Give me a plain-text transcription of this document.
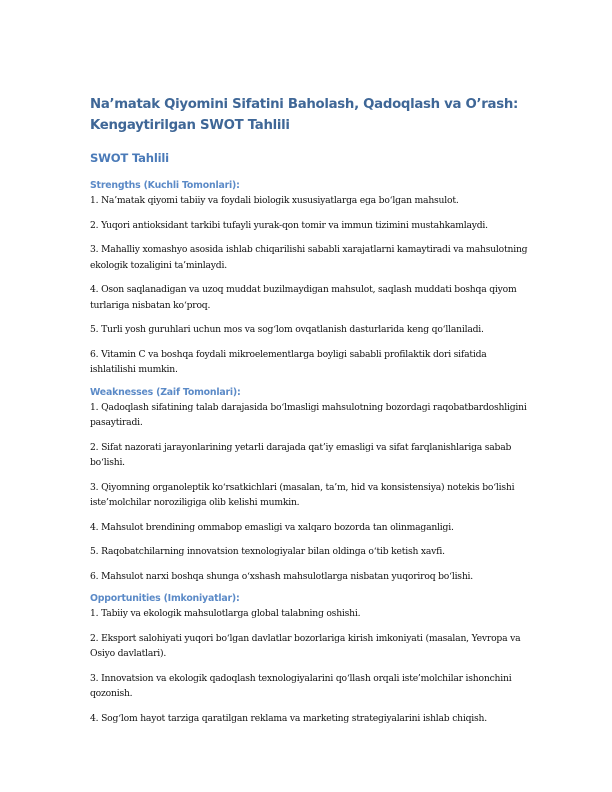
Na’matak Qiyomini Sifatini Baholash, Qadoqlash va O’rash: Kengaytirilgan SWOT Tahlili
SWOT Tahlili
Strengths (Kuchli Tomonlari):

1. Na’matak qiyomi tabiiy va foydali biologik xususiyatlarga ega bo‘lgan mahsulot.

2. Yuqori antioksidant tarkibi tufayli yurak-qon tomir va immun tizimini mustahkamlaydi.

3. Mahalliy xomashyo asosida ishlab chiqarilishi sababli xarajatlarni kamaytiradi va mahsulotning ekologik tozaligini ta’minlaydi.

4. Oson saqlanadigan va uzoq muddat buzilmaydigan mahsulot, saqlash muddati boshqa qiyom turlariga nisbatan ko‘proq.

5. Turli yosh guruhlari uchun mos va sog‘lom ovqatlanish dasturlarida keng qo‘llaniladi.

6. Vitamin C va boshqa foydali mikroelementlarga boyligi sababli profilaktik dori sifatida ishlatilishi mumkin.

Weaknesses (Zaif Tomonlari):

1. Qadoqlash sifatining talab darajasida bo‘lmasligi mahsulotning bozordagi raqobatbardoshligini pasaytiradi.

2. Sifat nazorati jarayonlarining yetarli darajada qat’iy emasligi va sifat farqlanishlariga sabab bo‘lishi.

3. Qiyomning organoleptik ko‘rsatkichlari (masalan, ta’m, hid va konsistensiya) notekis bo‘lishi iste’molchilar noroziligiga olib kelishi mumkin.

4. Mahsulot brendining ommabop emasligi va xalqaro bozorda tan olinmaganligi.

5. Raqobatchilarning innovatsion texnologiyalar bilan oldinga o‘tib ketish xavfi.

6. Mahsulot narxi boshqa shunga o‘xshash mahsulotlarga nisbatan yuqoriroq bo‘lishi.

Opportunities (Imkoniyatlar):

1. Tabiiy va ekologik mahsulotlarga global talabning oshishi.

2. Eksport salohiyati yuqori bo‘lgan davlatlar bozorlariga kirish imkoniyati (masalan, Yevropa va Osiyo davlatlari).

3. Innovatsion va ekologik qadoqlash texnologiyalarini qo‘llash orqali iste’molchilar ishonchini qozonish.

4. Sog‘lom hayot tarziga qaratilgan reklama va marketing strategiyalarini ishlab chiqish.
